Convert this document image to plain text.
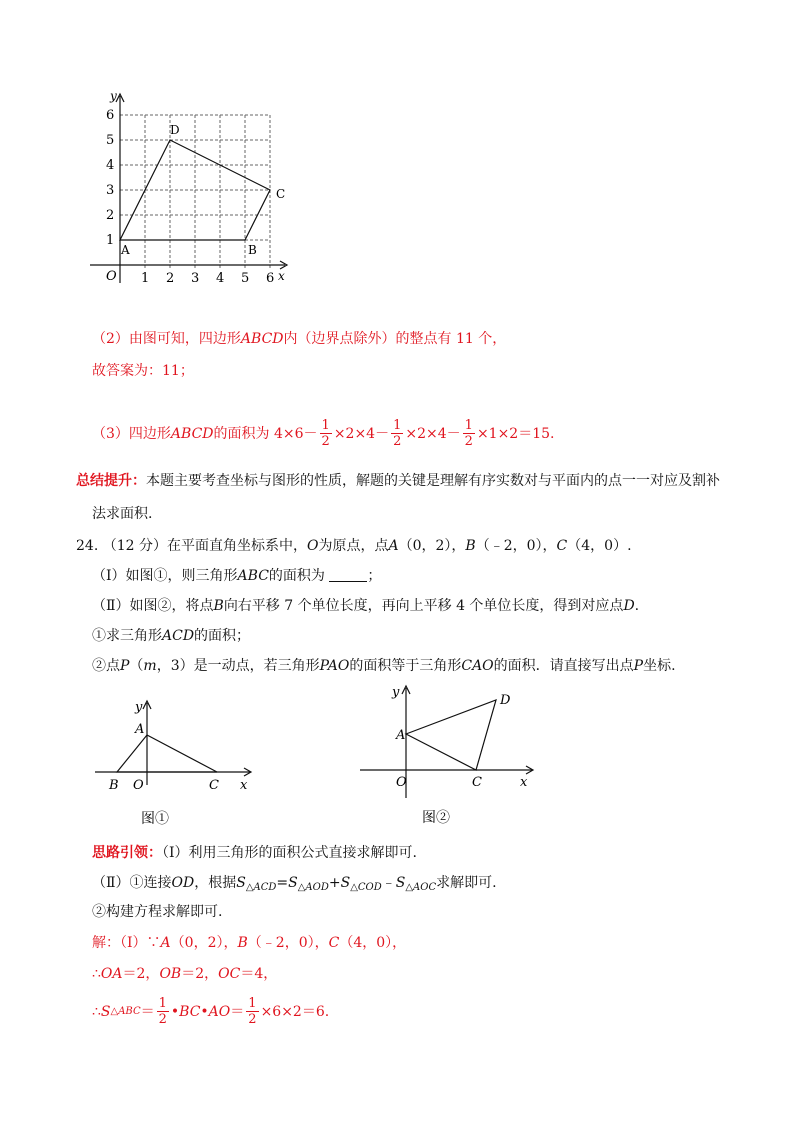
y
x
O 1 2 3 4 5 6
1
2
3
4
5
6
A	B
C
D
（2）由图可知，四边形ABCD内（边界点除外）的整点有 11 个，
故答案为：11；
（3）四边形 ABCD 的面积为 $4\times 6- \frac{1}{2} \times 2\times 4- \frac{1}{2} \times 2\times 4- \frac{1}{2} \times 1\times 2=15$.
总结提升：本题主要考查坐标与图形的性质，解题的关键是理解有序实数对与平面内的点一一对应及割补
法求面积.
24. （12 分）在平面直角坐标系中，O为原点，点A（0，2），B（﹣2，0），C（4，0）.
（Ⅰ）如图①，则三角形ABC的面积为	；
（Ⅱ）如图②，将点B向右平移 7 个单位长度，再向上平移 4 个单位长度，得到对应点D.
①求三角形ACD的面积；
②点P（m，3）是一动点，若三角形PAO的面积等于三角形CAO的面积．请直接写出点P坐标.
y
x
A
B O	C
图①
y
x
A
D
O	C
图②
思路引领：（Ⅰ）利用三角形的面积公式直接求解即可.
（Ⅱ）①连接OD，根据$S_{\triangle ACD}=S_{\triangle AOD}+S_{\triangle COD}﹣S_{\triangle AOC}$求解即可.
②构建方程求解即可.
解：（Ⅰ）∵A（0，2），B（﹣2，0），C（4，0），
∴OA＝2，OB＝2，OC＝4，
∴ S △ABC ＝ $\frac{1}{2}$ •BC•AO ＝ $\frac{1}{2} \times 6\times 2=6$.
